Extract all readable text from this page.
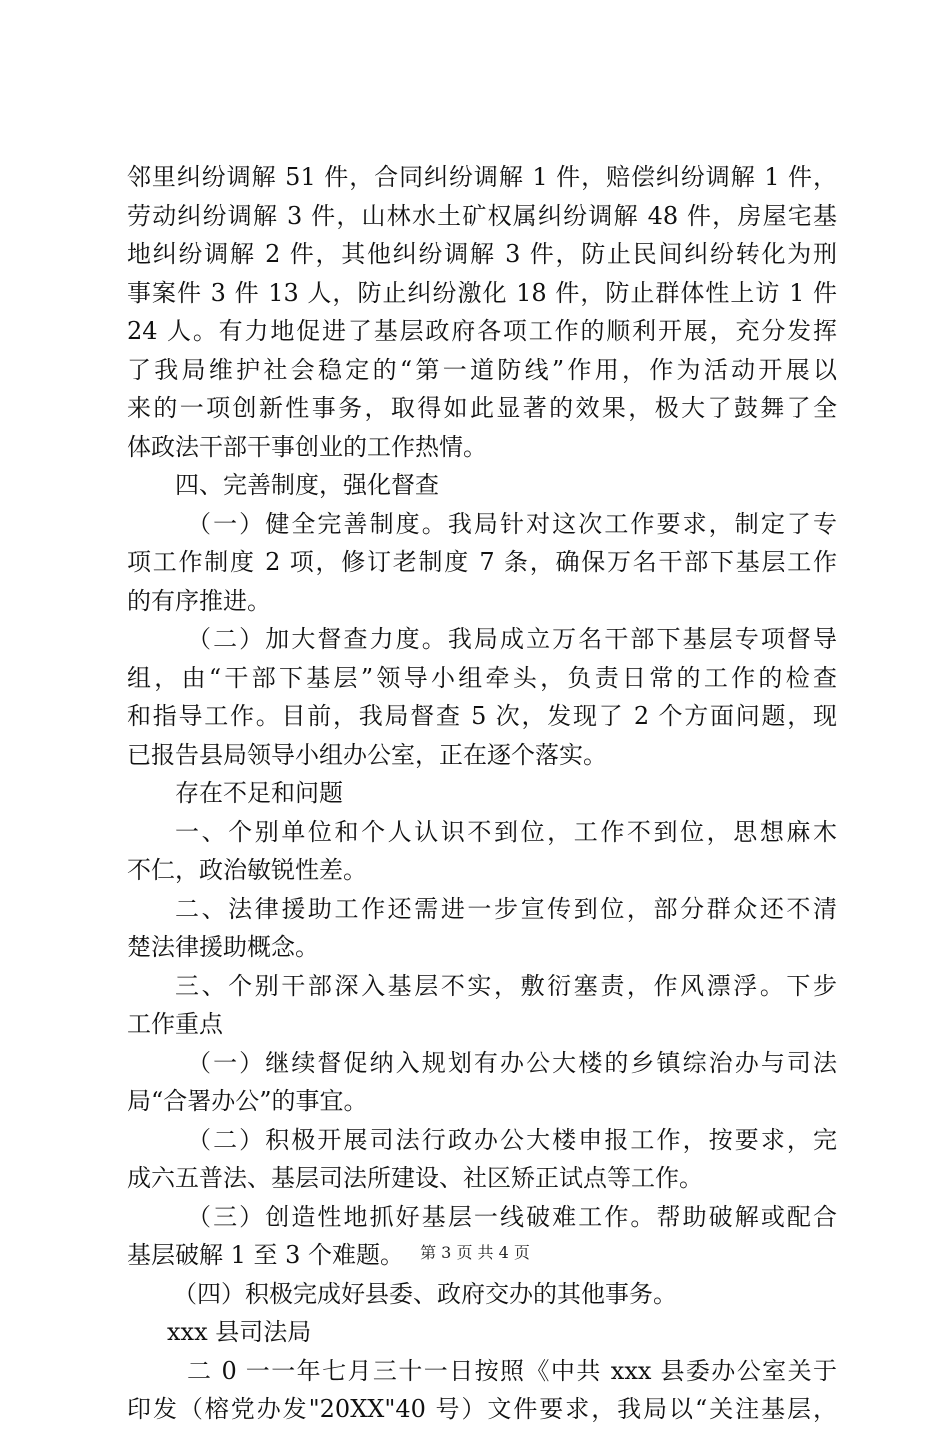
邻里纠纷调解 51 件，合同纠纷调解 1 件，赔偿纠纷调解 1 件，
劳动纠纷调解 3 件，山林水土矿权属纠纷调解 48 件，房屋宅基
地纠纷调解 2 件，其他纠纷调解 3 件，防止民间纠纷转化为刑
事案件 3 件 13 人，防止纠纷激化 18 件，防止群体性上访 1 件
24 人。有力地促进了基层政府各项工作的顺利开展，充分发挥
了我局维护社会稳定的“第一道防线”作用，作为活动开展以
来的一项创新性事务，取得如此显著的效果，极大了鼓舞了全
体政法干部干事创业的工作热情。
四、完善制度，强化督查
（一）健全完善制度。我局针对这次工作要求，制定了专
项工作制度 2 项，修订老制度 7 条，确保万名干部下基层工作
的有序推进。
（二）加大督查力度。我局成立万名干部下基层专项督导
组，由“干部下基层”领导小组牵头，负责日常的工作的检查
和指导工作。目前，我局督查 5 次，发现了 2 个方面问题，现
已报告县局领导小组办公室，正在逐个落实。
存在不足和问题
一、个别单位和个人认识不到位，工作不到位，思想麻木
不仁，政治敏锐性差。
二、法律援助工作还需进一步宣传到位，部分群众还不清
楚法律援助概念。
三、个别干部深入基层不实，敷衍塞责，作风漂浮。下步
工作重点
（一）继续督促纳入规划有办公大楼的乡镇综治办与司法
局“合署办公”的事宜。
（二）积极开展司法行政办公大楼申报工作，按要求，完
成六五普法、基层司法所建设、社区矫正试点等工作。
（三）创造性地抓好基层一线破难工作。帮助破解或配合
基层破解 1 至 3 个难题。
（四）积极完成好县委、政府交办的其他事务。
xxx 县司法局
二 0 一一年七月三十一日按照《中共 xxx 县委办公室关于
印发（榕党办发"20XX"40 号）文件要求，我局以“关注基层，
第 3 页 共 4 页
